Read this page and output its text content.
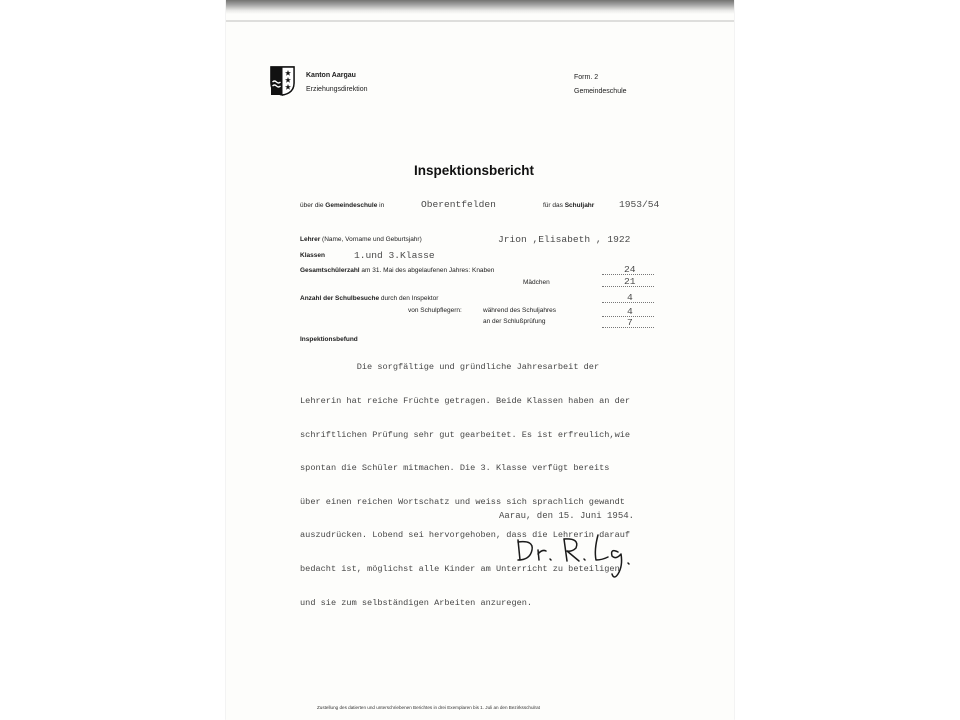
Kanton Aargau
Erziehungsdirektion
Form. 2
Gemeindeschule
Inspektionsbericht
über die Gemeindeschule in	Oberentfelden	für das Schuljahr	1953/54
Lehrer (Name, Vorname und Geburtsjahr)	Jrion ,Elisabeth , 1922
Klassen	1.und 3.Klasse
Gesamtschülerzahl am 31. Mai des abgelaufenen Jahres: Knaben	24
Mädchen	21
Anzahl der Schulbesuche durch den Inspektor	4
von Schulpflegern:	während des Schuljahres	4
an der Schlußprüfung	7
Inspektionsbefund

Die sorgfältige und gründliche Jahresarbeit der

Lehrerin hat reiche Früchte getragen. Beide Klassen haben an der

schriftlichen Prüfung sehr gut gearbeitet. Es ist erfreulich,wie

spontan die Schüler mitmachen. Die 3. Klasse verfügt bereits

über einen reichen Wortschatz und weiss sich sprachlich gewandt

auszudrücken. Lobend sei hervorgehoben, dass die Lehrerin darauf

bedacht ist, möglichst alle Kinder am Unterricht zu beteiligen

und sie zum selbständigen Arbeiten anzuregen.

Aarau, den 15. Juni 1954.
Zustellung des datierten und unterschriebenen Berichtes in drei Exemplaren bis 1. Juli an den Bezirksschulrat
